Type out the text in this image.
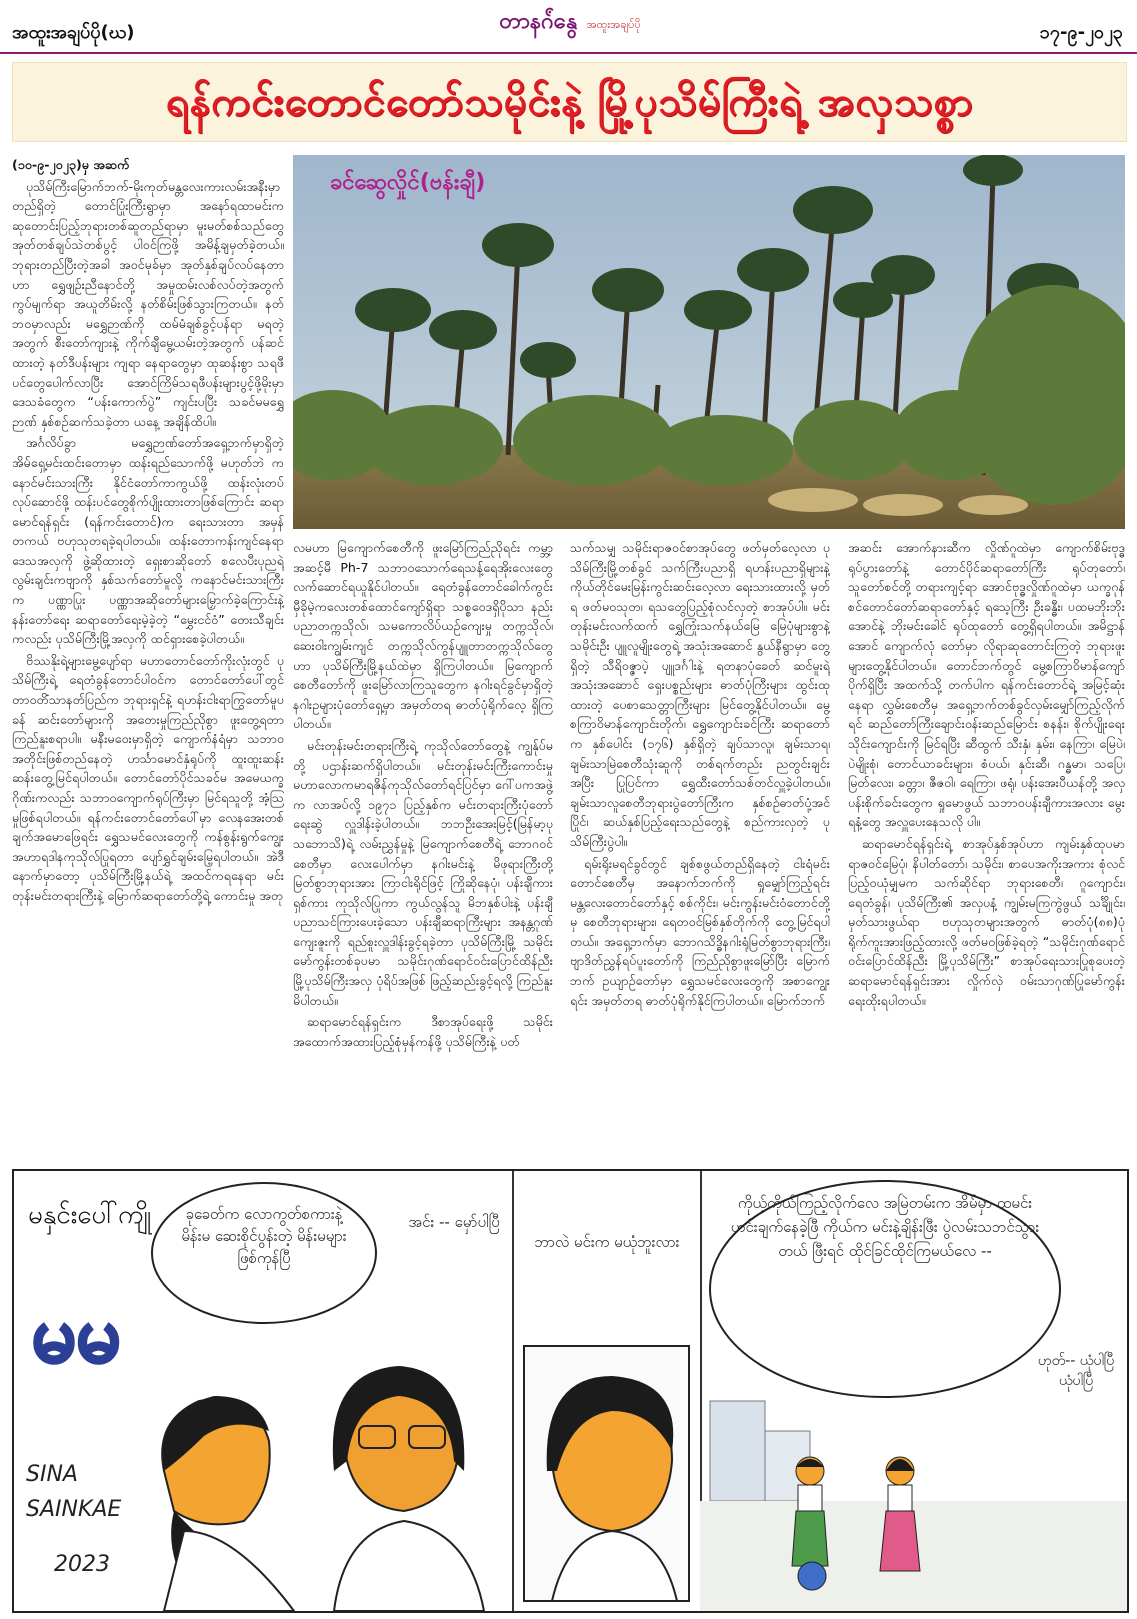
အထူးအချပ်ပို(ဃ)	တာနဂ်ံနွေ အထူးအချပ်ပို	၁၇-၉-၂၀၂၃
ရန်ကင်းတောင်တော်သမိုင်းနဲ့ မြို့ပုသိမ်ကြီးရဲ့ အလှသစ္စာ

(၁၀-၉-၂၀၂၃)မှ အဆက်

ပုသိမ်ကြီးမြောက်ဘက်-မိုးကုတ်မန္တလေးကားလမ်းအနီးမှာ တည်ရှိတဲ့ တောင်ပြုံးကြီးရွာမှာ အနော်ရထာမင်းက ဆုတောင်းပြည့်ဘုရားတစ်ဆူတည်ရာမှာ မူးမတ်စစ်သည်တွေ အုတ်တစ်ချပ်သဲတစ်ပွင့် ပါဝင်ကြဖို့ အမိန့်ချမှတ်ခဲ့တယ်။ ဘုရားတည်ပြီးတဲ့အခါ အဝင်မုခ်မှာ အုတ်နှစ်ချပ်လပ်နေတာဟာ ရွှေဖျဉ်းညီနောင်တို့ အမှုထမ်းလစ်လပ်တဲ့အတွက် ကွပ်မျက်ရာ အယူတိမ်းလို့ နတ်စိမ်းဖြစ်သွားကြတယ်။ နတ်ဘဝမှာလည်း မရွှေဉာဏ်ကို ထမ်မံချစ်ခွင့်ပန်ရာ မရတဲ့အတွက် စီးတော်ကျားနဲ့ ကိုက်ချီမွေ့ယမ်းတဲ့အတွက် ပန်ဆင်ထားတဲ့ နတ်ဒီပန်းများ ကျရာ နေရာတွေမှာ ထုဆန်းစွာ သရဖီပင်တွေပေါက်လာပြီး အောင်ကြိမ်သရဖီပန်းများပွင့်ဖို့မိုးမှာဒေသခံတွေက “ပန်းကောက်ပွဲ” ကျင်းပပြီး သခင်မမရွှေဉာဏ် နှစ်စဉ်ဆက်သခဲ့တာ ယနေ့ အချိန်ထိပါ။

အင်္ဂလိပ်ခွာ မရွှေဉာဏ်တော်အရှေ့ဘက်မှာရှိတဲ့ အိမ်ရှေ့မင်းထင်းတောမှာ ထန်းရည်သောက်ဖို့ မဟုတ်ဘဲ ကနောင်မင်းသားကြီး နိုင်ငံတော်ကာကွယ်ဖို့ ထန်းလုံးတပ်လုပ်ဆောင်ဖို့ ထန်းပင်တွေစိုက်ပျိုးထားတာဖြစ်ကြောင်း ဆရာမောင်ရန်ရှင်း (ရန်ကင်းတောင်)က ရေးသားတာ အမှန်တကယ် ဗဟုသုတရခဲ့ရပါတယ်။ ထန်းတောကန်းကျင်နေရာဒေသအလှကို ဖွဲ့ဆိုထားတဲ့ ရှေးစာဆိုတော် စလေပီးပုညရဲ့ လွမ်းချင်းကဗျာကို နှစ်သက်တော်မူလို့ ကနောင်မင်းသားကြီးက ပဏ္ဏာပြုး ပဏ္ဏာအဆိုတော်များမြှောက်ခဲ့ကြောင်းနဲ့ နန်းတော်ရေး ဆရာတော်ရေးမဲ့ခဲ့တဲ့ “မွှေးငင်ဝံ” တေးသီချင်းကလည်း ပုသိမ်ကြီးမြို့အလှကို ထင်ရှားစေခဲ့ပါတယ်။

ဗိဿနိုးရဲ့များမွေ့ပျော်ရာ မဟာတောင်တော်ကိုးလုံးတွင် ပုသိမ်ကြီးရဲ့ ရေတံခွန်တောင်ပါဝင်က တောင်တော်ပေါ်တွင် တာဝတိံသာနတ်ပြည်က ဘုရားရှင်နဲ့ ရဟန်းငါးရာကြွတော်မူပခန် ဆင်းတော်များကို အတေးမှုကြည်ညိုစွာ ဖူးတွေ့ရတာ ကြည်နူးစရာပါ။ မနီးမဝေးမှာရှိတဲ့ ကျောက်နံရံမှာ သဘာဝအတိုင်းဖြစ်တည်နေတဲ့ ဟင်္သာမောင်နှံရုပ်ကို ထူးထူးဆန်းဆန်းတွေ့မြင်ရပါတယ်။ တောင်တော်ပိုင်သခင်မ အမေယက္ခဂိုဏ်းကလည်း သဘာဝကျောက်ရုပ်ကြီးမှာ မြင်ရသူတို့ အံ့သြမှုဖြစ်ရပါတယ်။ ရန်ကင်းတောင်တော်ပေါ်မှာ လေနအေးတစ်ချက်အမောဖြေရင်း ရွှေသမင်လေးတွေကို ကန်စွန်းရွက်ကျွေး အဟာရဒါနကုသိုလ်ပြုရတာ ပျော်ရွှင်ချမ်းမြေ့ရပါတယ်။ အဲဒီနောက်မှာတော့ ပုသိမ်ကြီးမြို့နယ်ရဲ့ အထင်ကရနေရာ မင်းတုန်းမင်းတရားကြီးနဲ့ မြောက်ဆရာတော်တို့ရဲ့ ကောင်းမှု အတု

ခင်ဆွေလှိုင်(ဗန်းချီ)

လမဟာ မြကျောက်စေတီကို ဖူးမြော်ကြည်ညိုရင်း ကမ္ဘာ့အဆင့်မီ Ph-7 သဘာဝသောက်ရေသန့်ရေအိုးလေးတွေ လက်ဆောင်ရယူနိုင်ပါတယ်။ ရေတံခွန်တောင်ခေါက်ကွင်း မှီခိုမဲ့ကလေးတစ်ထောင်ကျော်ရှိရာ သစ္စဝေဒရှိပိုသာ နည်းပညာတက္ကသိုလ်၊ သမကောလိပ်ယဉ်ကျေးမှု တက္ကသိုလ်၊ ဆေးဝါးကျွမ်းကျင် တက္ကသိုလ်ကွန်ပျူတာတက္ကသိုလ်တွေဟာ ပုသိမ်ကြီးမြို့နယ်ထဲမှာ ရှိကြပါတယ်။ မြကျောက်စေတီတော်ကို ဖူးမြော်လာကြသူတွေက နဂါးရင်ခွင်မှာရှိတဲ့ နဂါးဥများပုံတော်ရှေ့မှာ အမှတ်တရ ဓာတ်ပုံရိုက်လေ့ ရှိကြပါတယ်။

မင်းတုန်းမင်းတရားကြီးရဲ့ ကုသိုလ်တော်တွေနဲ့ ကျွန်ုပ်မတို့ ပဌာန်းဆက်ရှိပါတယ်။ မင်းတုန်းမင်းကြီးကောင်းမှု မဟာလောကမာရဇိန်ကုသိုလ်တော်ရင်ပြင်မှာ ဂေါ်ပကအဖွဲ့က လာအပ်လို့ ၁၉၇၁ ပြည့်နှစ်က မင်းတရားကြီးပုံတော်ရေးဆွဲ လှူဒါန်းခဲ့ပါတယ်။ ဘဘဦးအေးမြင့်(မြန်မာ့ပုသဘောသိ)ရဲ့ လမ်းညွှန်မှုနဲ့ မြကျောက်စေတီရဲ့ ဘောဂဝင်စေတီမှာ လေးပေါက်မှာ နဂါးမင်းနဲ့ မိဖုရားကြီးတို့ မြတ်စွာဘုရားအား ကြာငါးရိုင်ဖြင့် ကြိုဆိုနေပုံ၊ ပန်းချီကားရှစ်ကား ကုသိုလ်ပြုကာ ကွယ်လွန်သူ မိဘနှစ်ပါးနဲ့ ပန်းချီပညာသင်ကြားပေးခဲ့သော ပန်းချီဆရာကြီးများ အနန္တဂုဏ်ကျေးဇူးကို ရည်စူးလှူဒါန်းခွင့်ရခဲ့တာ ပုသိမ်ကြီးမြို့ သမိုင်းမော်ကွန်းတစ်ခုပမာ သမိုင်းဂုဏ်ရောင်ဝင်းပြောင်ထိန်ညီး မြို့ပုသိမ်ကြီးအလှ ပုံရိပ်အဖြစ် ဖြည့်ဆည်းခွင့်ရလို့ ကြည်နူးမိပါတယ်။

ဆရာမောင်ရန်ရှင်းက ဒီစာအုပ်ရေးဖို့ သမိုင်းအထောက်အထားပြည့်စုံမှန်ကန်ဖို့ ပုသိမ်ကြီးနဲ့ ပတ်

သက်သမျှ သမိုင်းရာဇဝင်စာအုပ်တွေ ဖတ်မှတ်လေ့လာ ပုသိမ်ကြီးမြို့တစ်ခွင် သက်ကြီးပညာရှိ ရဟန်းပညာရှိများနဲ့ ကိုယ်တိုင်မေးမြန်းကွင်းဆင်းလေ့လာ ရေးသားထားလို့ မှတ်ရ ဖတ်မဝသုတ၊ ရသတွေပြည့်စုံလင်လှတဲ့ စာအုပ်ပါ။ မင်းတုန်းမင်းလက်ထက် ရွှေကြုံးသက်နယ်မြေ မြေပုံများစွာနဲ့ သမိုင်းဦး ပျူလူမျိုးတွေရဲ့ အသုံးအဆောင် နွယ်နီရွာမှာ တွေ့ရှိတဲ့ သီရိဝဇ္ဇာပဲ့ ပျူဒင်္ဂါးနဲ့ ရတနာပုံခေတ် ဆင်မူးရဲ့ အသုံးအဆောင် ရှေးပစ္စည်းများ ဓာတ်ပုံကြီးများ ထွင်းထုထားတဲ့ ပေစာသေတ္တာကြီးများ မြင်တွေ့နိုင်ပါတယ်။ မွေ့စကြာဝိမာန်ကျောင်းတိုက်၊ ရွှေကျောင်းခင်ကြီး ဆရာတော်က နှစ်ပေါင်း (၁၇၆) နှစ်ရှိတဲ့ ချပ်သာလူ၊ ချမ်းသာရ၊ ချမ်းသာမြဲစေတီသုံးဆူကို တစ်ရက်တည်း ညတွင်းချင်းအပြီး ပြုပြင်ကာ ရွှေထီးတော်သစ်တင်လှူခဲ့ပါတယ်။ ချမ်းသာလူစေတီဘုရားပွဲတော်ကြီးက နှစ်စဉ်ဓာတ်ပုံ့အင်ပြိုင်၊ ဆယ်နှစ်ပြည့်ရေးသည်တွေနဲ့ စည်ကားလှတဲ့ ပုသိမ်ကြီးပွဲပါ။

ရမ်းရိုးမရင်ခွင်တွင် ချစ်စဖွယ်တည်ရှိနေတဲ့ ငါးရံမင်းတောင်စေတီမှ အနောက်ဘက်ကို ရှုမျှော်ကြည့်ရင်း မန္တလေးတောင်တော်နှင့် စစ်ကိုင်း၊ မင်းကွန်းမင်းဝံတောင်တို့မှ စေတီဘုရားများ၊ ရေတဝင်မြစ်နှစ်တိုက်ကို တွေ့မြင်ရပါတယ်။ အရှေ့ဘက်မှာ ဘောဂသိဒ္ဓိနဂါးရုံမြတ်စွာဘုရားကြီး၊ ဗျာဒိတ်ညွှန်ရပ်ပူးတော်ကို ကြည်ညိုစွာဖူးမြော်ပြီး မြောက်ဘက် ဥယျာဉ်တော်မှာ ရွှေသမင်လေးတွေကို အစာကျွေးရင်း အမှတ်တရ ဓာတ်ပုံရိုက်နိုင်ကြပါတယ်။ မြောက်ဘက်

အဆင်း အောက်နားဆီက လှိုဏ်ဂူထဲမှာ ကျောက်စိမ်းဗုဒ္ဓရုပ်ပွားတော်နဲ့ တောင်ပိုင်ဆရာတော်ကြီး ရုပ်တုတော်၊ သူတော်စင်တို့ တရားကျင့်ရာ အောင်ဗုဒ္ဓလှိုဏ်ဂူထဲမှာ ယက္ခဂုန်စင်တောင်တော်ဆရာတော်နှင့် ရသေ့ကြီး ဦးခန္ဓီး၊ ပထမဘိုးဘိုးအောင်နဲ့ ဘိုးမင်းခေါင် ရုပ်ထုတော် တွေ့ရှိရပါတယ်။ အမိဋ္ဌာန်အောင် ကျောက်လုံ တော်မှာ လိုရာဆုတောင်းကြတဲ့ ဘုရားဖူးများတွေ့နိုင်ပါတယ်။ တောင်ဘက်တွင် မွေ့စကြာဝိမာန်ကျော်ပိုက်ရှိပြီး အထက်သို့ တက်ပါက ရန်ကင်းတောင်ရဲ့ အမြင့်ဆုံးနေရာ လွှမ်းစေတီမှ အရှေ့ဘက်တစ်ခွင်လှမ်းမျှော်ကြည့်လိုက်ရင် ဆည်တော်ကြီးချောင်းဝန်းဆည်မြောင်း စနန်း၊ စိုက်ပျိုးရေးသိုင်းကျောင်းကို မြင်ရပြီး ဆီထွက် သီးနှံ၊ နှမ်း၊ နေကြာ၊ မြေပဲ၊ ပဲမျိုးစုံ၊ တောင်ယာခင်းများ၊ စံပယ်၊ နှင်းဆီ၊ ဂန္ဓမာ၊ သပြေ၊ မြတ်လေး၊ ခတ္တာ၊ ဇီဇဝါ၊ ရေကြာ၊ ဖရုံ၊ ပန်းအေးပီယန်တို့ အလှပန်းစိုက်ခင်းတွေက ရှုမောဖွယ် သဘာဝပန်းချီကားအလား မွေးရနံ့တွေ အလှူပေးနေသလို ပါ။

ဆရာမောင်ရန်ရှင်းရဲ့ စာအုပ်နှစ်အုပ်ဟာ ကျမ်းနှစ်ထုပမာ ရာဇဝင်မြေပုံ၊ နိပါတ်တော်၊ သမိုင်း၊ စာပေအကိုးအကား စုံလင်ပြည့်ဝယုံမျှမက သက်ဆိုင်ရာ ဘုရားစေတီ၊ ဂူကျောင်း၊ ရေတံခွန်၊ ပုသိမ်ကြီး၏ အလှပနံ့ ကျွမ်းမကြကွဲဖွယ် သင်္ချိုင်း၊ မှတ်သားဖွယ်ရာ ဗဟုသုတများအတွက် ဓာတ်ပုံ(၈၈)ပုံ ရိုက်ကူးအားဖြည့်ထားလို့ ဖတ်မဝဖြစ်ခဲ့ရတဲ့ “သမိုင်းဂုဏ်ရောင်ဝင်းပြောင်ထိန်ညီး မြို့ပုသိမ်ကြီး” စာအုပ်ရေးသားပြုစုပေးတဲ့ ဆရာမောင်ရန်ရှင်းအား လှိုက်လှဲ ဝမ်းသာဂုဏ်ပြုမော်ကွန်းရေးထိုးရပါတယ်။

မနှင်းပေါ်ကျို
မမ
SINA
SAINKAE
2023
ခုခေတ်က လောကွတ်စကားနဲ့ မိန်းမ ဆေးစိုင်ပွန်းတဲ့ မိန်းမများ ဖြစ်ကုန်ပြီ
အင်း -- မှော်ပါပြီ
ဘာလဲ မင်းက မယုံဘူးလား
ကိုယ့်ကိုယ်ကြည့်လိုက်လေ အမြဲတမ်းက အိမ်မှာ ထမင်းဟင်းချက်နေခဲ့ဖြီ ကိုယ်က မင်းနဲ့ချိန်းဖြီး ပွဲလမ်းသဘင်သွားတယ် ဖြီးရင် ထိုင်ခြင်ထိုင်ကြမယ်လေ --
ဟုတ်-- ယုံပါပြီ ယုံပါပြီ
